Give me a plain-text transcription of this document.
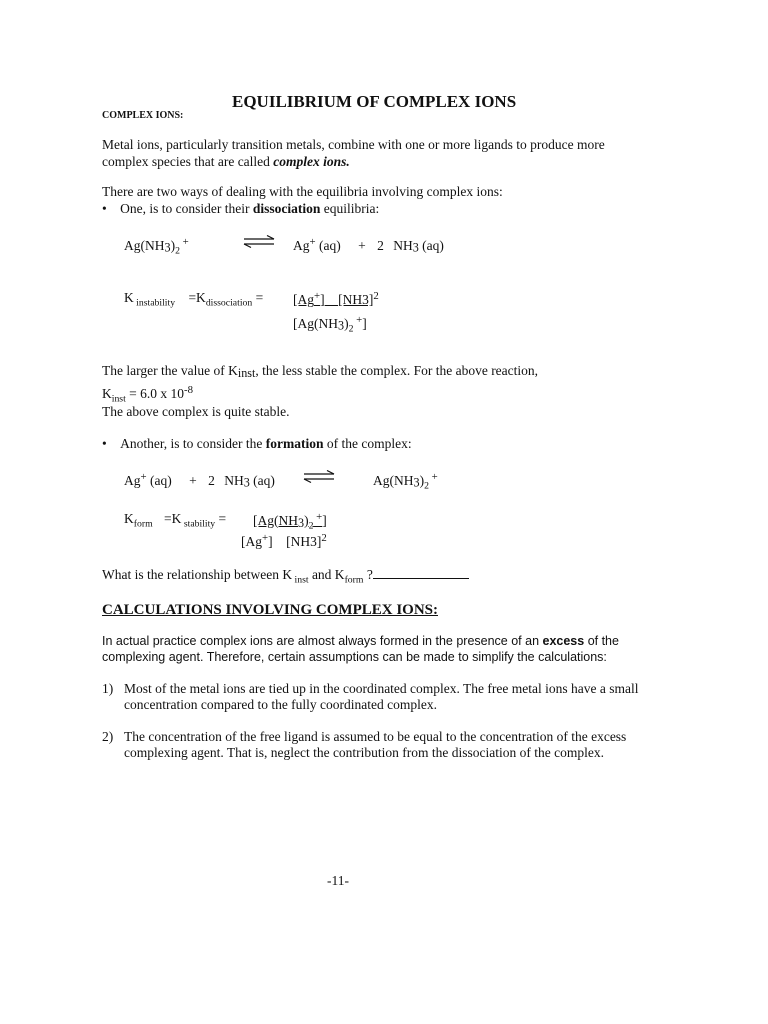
EQUILIBRIUM OF COMPLEX IONS
COMPLEX IONS:
Metal ions, particularly transition metals, combine with one or more ligands to produce more
complex species that are called complex ions.
There are two ways of dealing with the equilibria involving complex ions:
• One, is to consider their dissociation equilibria:
$Ag(NH3)_2$ +	⇌ Ag+ (aq) + 2 NH3 (aq)
K $_{instability} =K_{dissociation} = [Ag^+]$ $[NH3]^2$
[$Ag(NH3)_2$ +]
The larger the value of $K_{inst}$, the less stable the complex. For the above reaction,
$K_{inst} = 6.0$ x $10^{-8}$
The above complex is quite stable.
• Another, is to consider the formation of the complex:
Ag+ (aq) + 2 NH3 (aq)	$Ag(NH3)_2$ +
$K_{form} =K$ $_{stability} = [Ag(NH3)_2$ +]
[Ag+] $[NH3]^2$
What is the relationship between K $_{inst}$ and $K_{form}$ ?
CALCULATIONS INVOLVING COMPLEX IONS:
In actual practice complex ions are almost always formed in the presence of an excess of the
complexing agent. Therefore, certain assumptions can be made to simplify the calculations:
1) Most of the metal ions are tied up in the coordinated complex. The free metal ions have a small
concentration compared to the fully coordinated complex.
2) The concentration of the free ligand is assumed to be equal to the concentration of the excess
complexing agent. That is, neglect the contribution from the dissociation of the complex.
-11-
